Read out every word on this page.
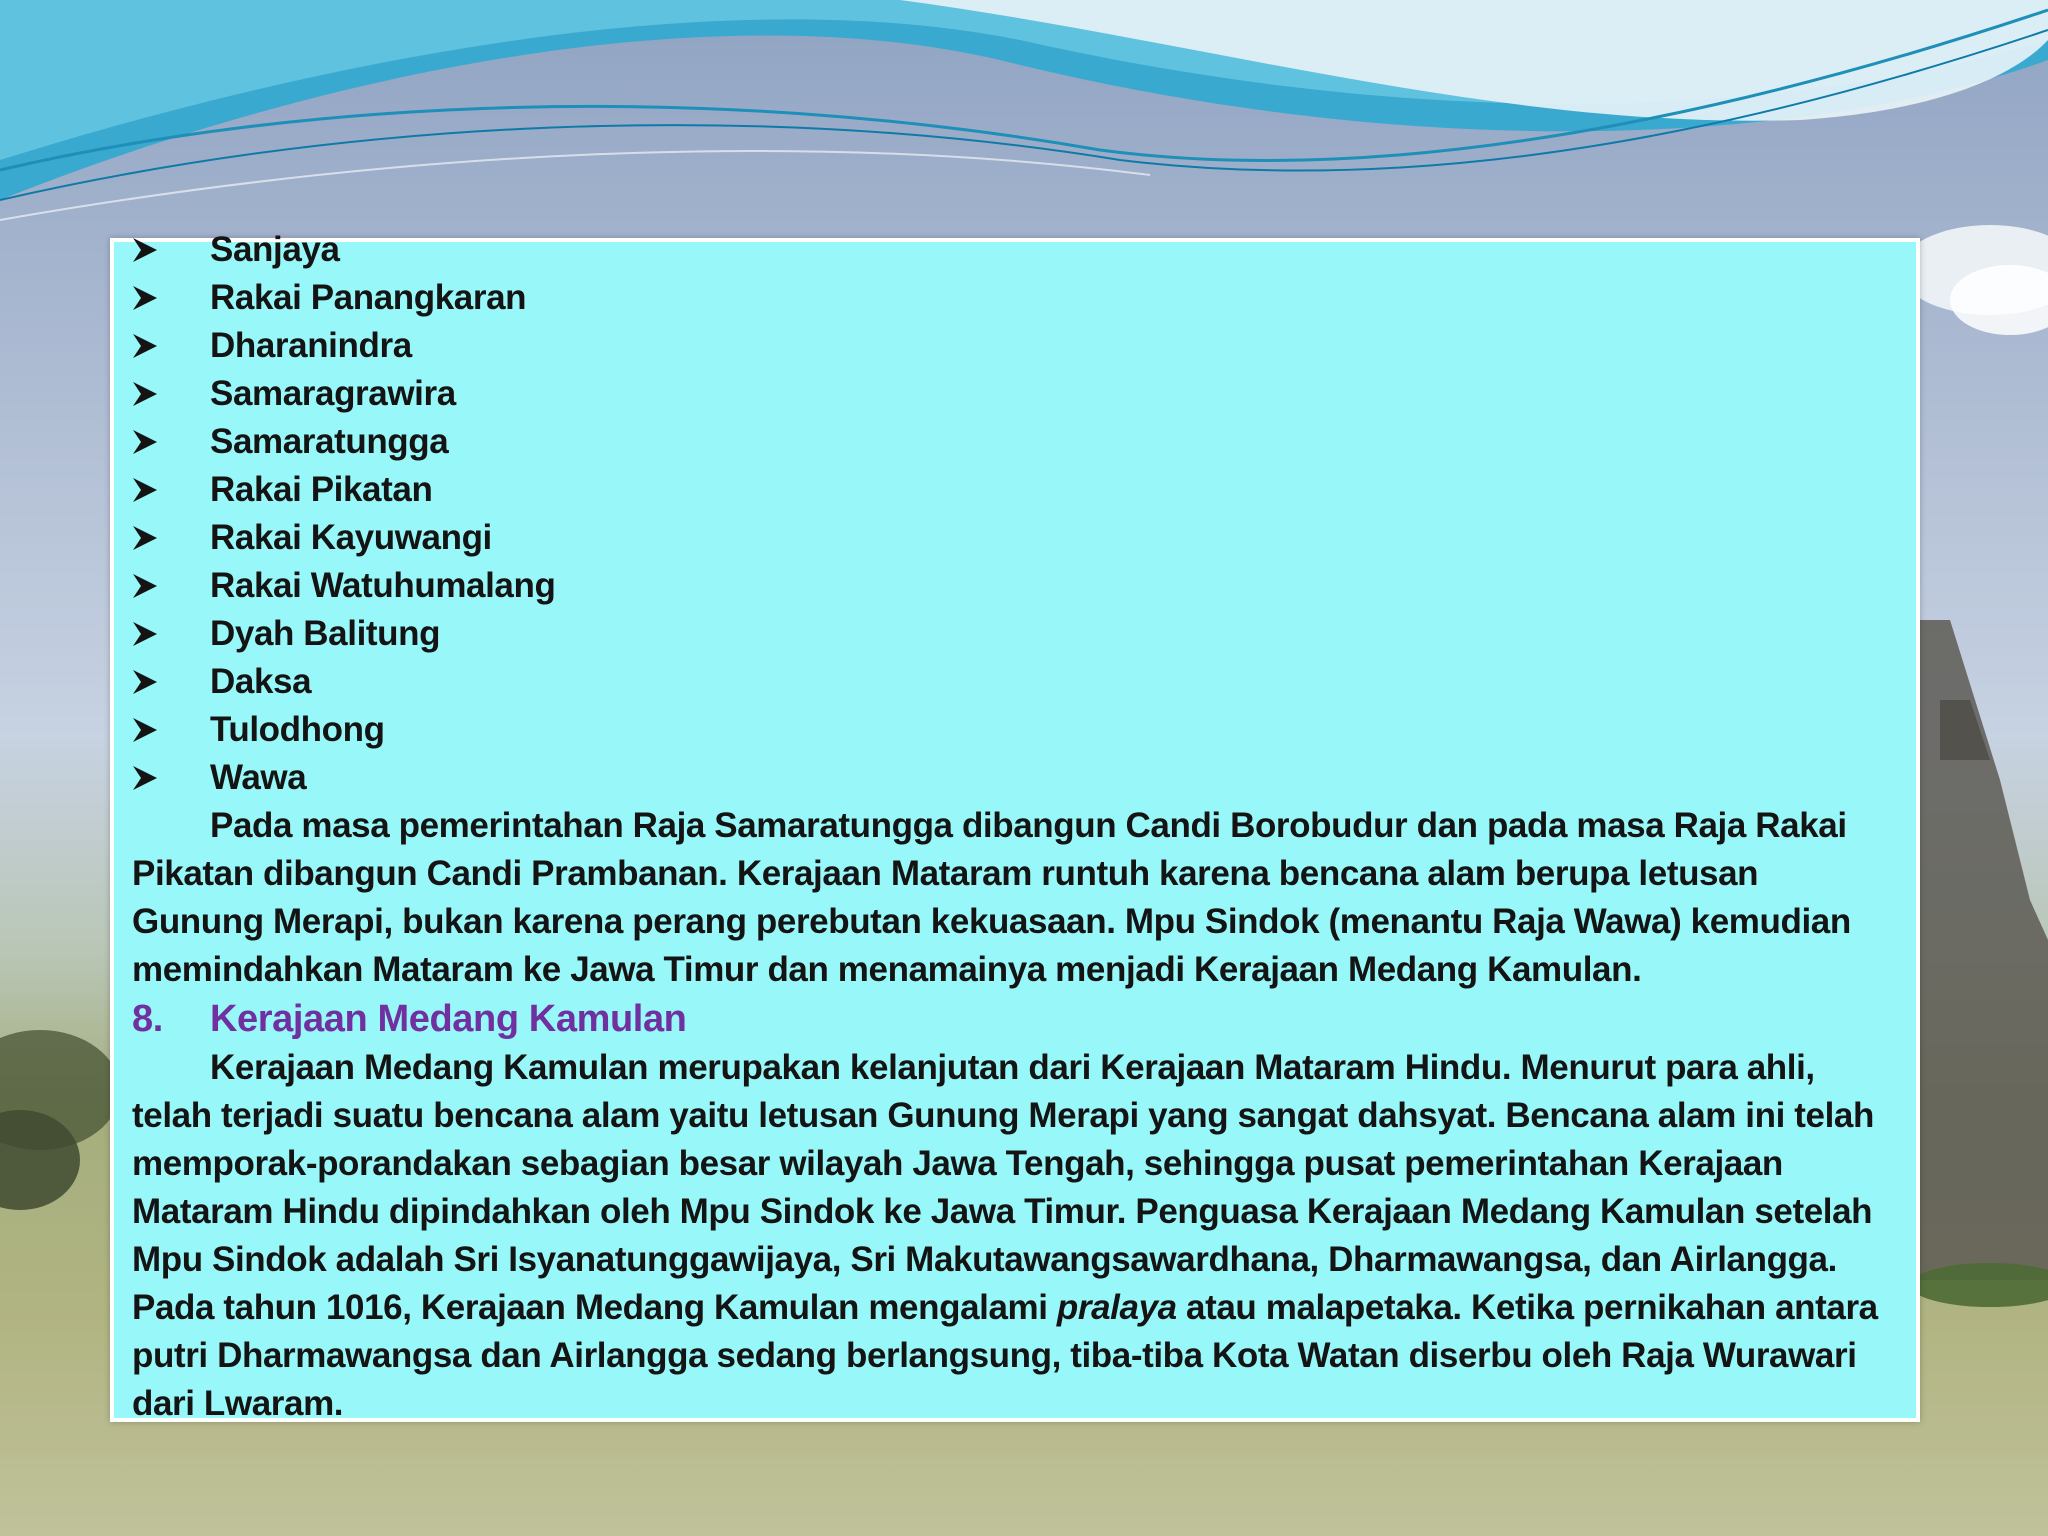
Sanjaya
Rakai Panangkaran
Dharanindra
Samaragrawira
Samaratungga
Rakai Pikatan
Rakai Kayuwangi
Rakai Watuhumalang
Dyah Balitung
Daksa
Tulodhong
Wawa

Pada masa pemerintahan Raja Samaratungga dibangun Candi Borobudur dan pada masa Raja Rakai Pikatan dibangun Candi Prambanan. Kerajaan Mataram runtuh karena bencana alam berupa letusan Gunung Merapi, bukan karena perang perebutan kekuasaan. Mpu Sindok (menantu Raja Wawa) kemudian memindahkan Mataram ke Jawa Timur dan menamainya menjadi Kerajaan Medang Kamulan.

8.	Kerajaan Medang Kamulan

Kerajaan Medang Kamulan merupakan kelanjutan dari Kerajaan Mataram Hindu. Menurut para ahli, telah terjadi suatu bencana alam yaitu letusan Gunung Merapi yang sangat dahsyat. Bencana alam ini telah memporak-porandakan sebagian besar wilayah Jawa Tengah, sehingga pusat pemerintahan Kerajaan Mataram Hindu dipindahkan oleh Mpu Sindok ke Jawa Timur. Penguasa Kerajaan Medang Kamulan setelah Mpu Sindok adalah Sri Isyanatunggawijaya, Sri Makutawangsawardhana, Dharmawangsa, dan Airlangga. Pada tahun 1016, Kerajaan Medang Kamulan mengalami pralaya atau malapetaka. Ketika pernikahan antara putri Dharmawangsa dan Airlangga sedang berlangsung, tiba-tiba Kota Watan diserbu oleh Raja Wurawari dari Lwaram.
